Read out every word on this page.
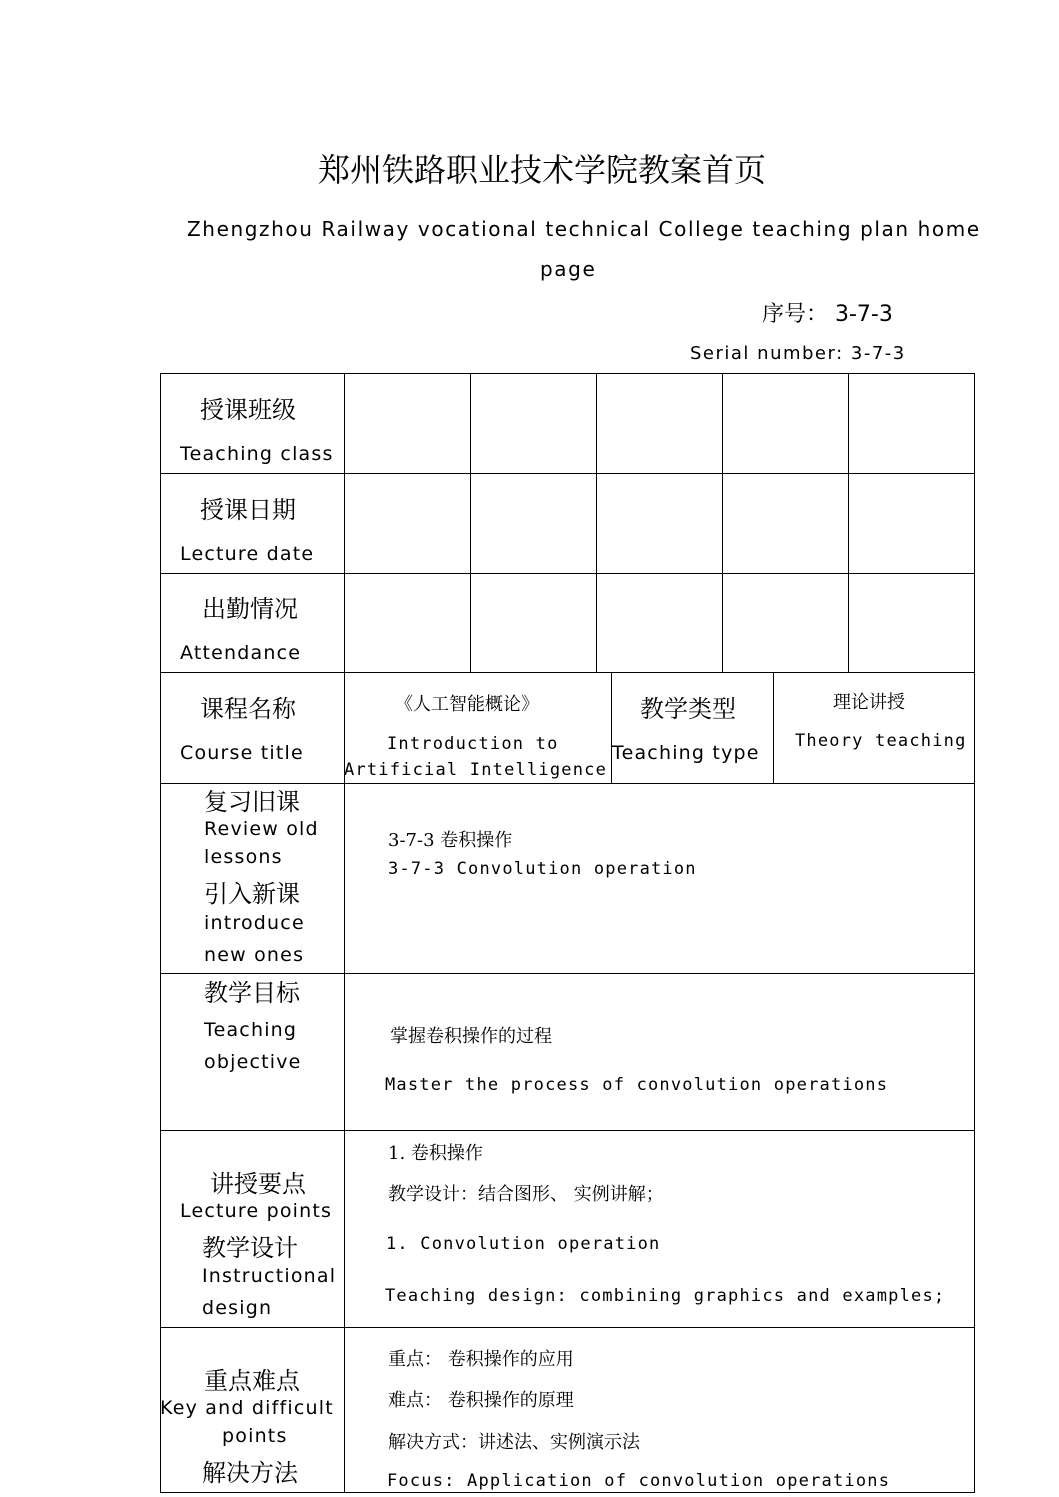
郑州铁路职业技术学院教案首页
Zhengzhou Railway vocational technical College teaching plan home
page
序号： 3-7-3
Serial number: 3-7-3
授课班级
Teaching class
授课日期
Lecture date
出勤情况
Attendance
课程名称
Course title
《人工智能概论》
Introduction to
Artificial Intelligence
教学类型
Teaching type
理论讲授
Theory teaching
复习旧课
Review old
lessons
引入新课
introduce
new ones
3-7-3 卷积操作
3-7-3 Convolution operation
教学目标
Teaching
objective
掌握卷积操作的过程
Master the process of convolution operations
讲授要点
Lecture points
教学设计
Instructional
design
1. 卷积操作
教学设计：结合图形、 实例讲解；
1. Convolution operation
Teaching design: combining graphics and examples;
重点难点
Key and difficult
points
解决方法
重点： 卷积操作的应用
难点： 卷积操作的原理
解决方式：讲述法、实例演示法
Focus: Application of convolution operations
